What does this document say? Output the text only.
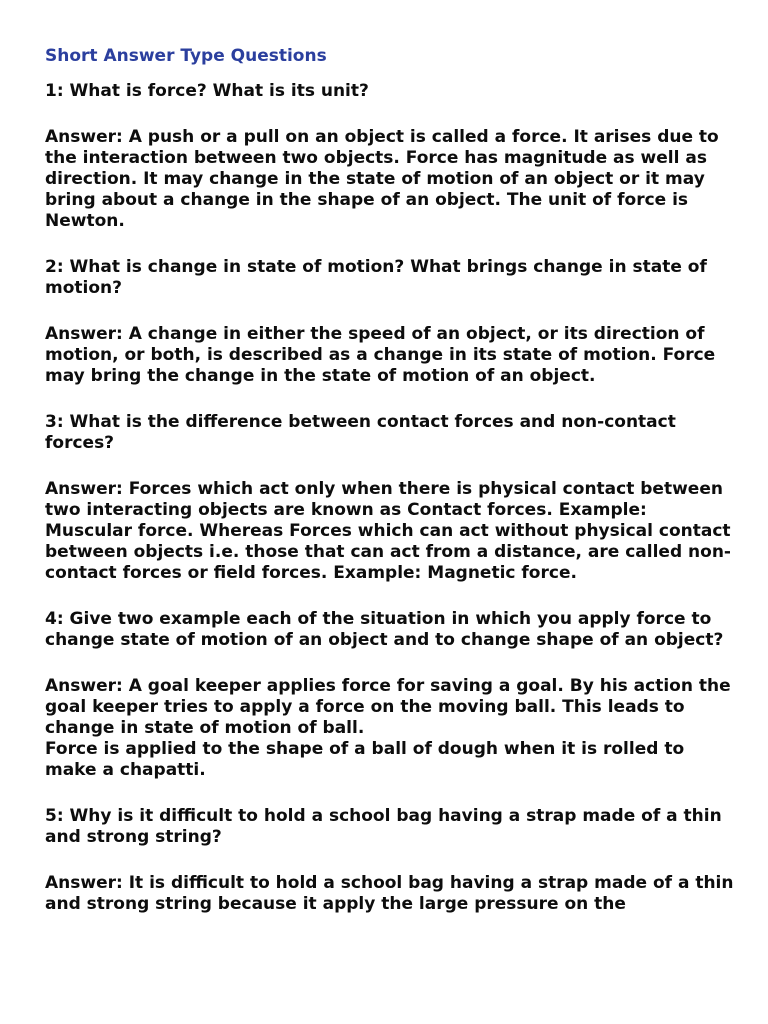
Short Answer Type Questions
1: What is force? What is its unit?
Answer: A push or a pull on an object is called a force. It arises due to the interaction between two objects. Force has magnitude as well as direction. It may change in the state of motion of an object or it may bring about a change in the shape of an object. The unit of force is Newton.
2: What is change in state of motion? What brings change in state of motion?
Answer: A change in either the speed of an object, or its direction of motion, or both, is described as a change in its state of motion. Force may bring the change in the state of motion of an object.
3: What is the difference between contact forces and non-contact forces?
Answer: Forces which act only when there is physical contact between two interacting objects are known as Contact forces. Example: Muscular force. Whereas Forces which can act without physical contact between objects i.e. those that can act from a distance, are called non-contact forces or field forces. Example: Magnetic force.
4: Give two example each of the situation in which you apply force to change state of motion of an object and to change shape of an object?
Answer: A goal keeper applies force for saving a goal. By his action the goal keeper tries to apply a force on the moving ball. This leads to change in state of motion of ball.
Force is applied to the shape of a ball of dough when it is rolled to make a chapatti.
5: Why is it difficult to hold a school bag having a strap made of a thin and strong string?
Answer: It is difficult to hold a school bag having a strap made of a thin and strong string because it apply the large pressure on the
